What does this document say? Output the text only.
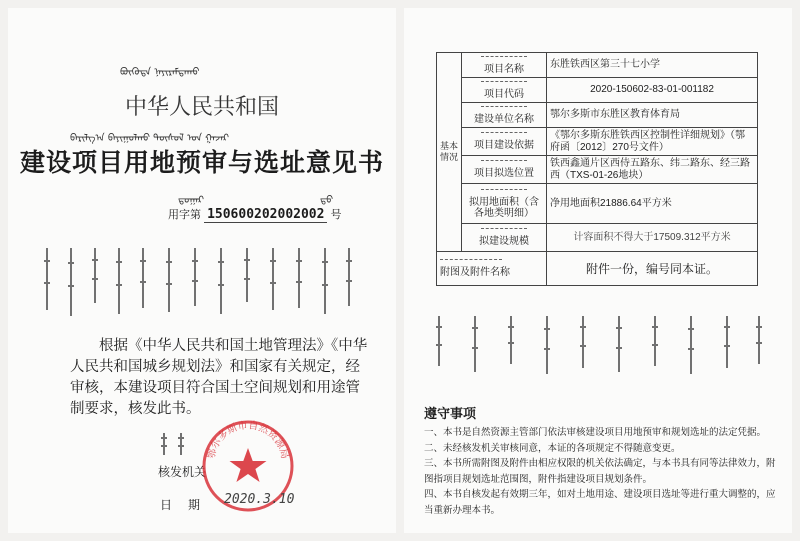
ᠪᠦᠭᠦᠳᠡ ᠨᠠᠶᠢᠷᠠᠮᠳᠠᠬᠤ
中华人民共和国
ᠪᠠᠷᠢᠯᠭ᠎ᠠ ᠪᠠᠶᠢᠭᠤᠯᠬᠤ ᠲᠥᠰᠥᠯ ᠤᠨ ᠭᠠᠵᠠᠷ
建设项目用地预审与选址意见书
ᠳ᠋ᠤᠭᠠᠷ	ᠳ᠋ᠤ
用字第 150600202002002 号
根据《中华人民共和国土地管理法》《中华人民共和国城乡规划法》和国家有关规定，经审核，本建设项目符合国土空间规划和用途管制要求，核发此书。
核发机关
日 期
鄂尔多斯市自然资源局
2020.3.10
基本情况	项目名称	东胜铁西区第三十七小学

项目代码	2020-150602-83-01-001182

建设单位名称	鄂尔多斯市东胜区教育体育局

项目建设依据	《鄂尔多斯东胜铁西区控制性详细规划》（鄂府函〔2012〕270号文件）

项目拟选位置	铁西鑫通片区西侍五路东、纬二路东、经三路西（TXS-01-26地块）

拟用地面积（含各地类明细）	净用地面积21886.64平方米

拟建设规模	计容面积不得大于17509.312平方米

附图及附件名称		附件一份，编号同本证。
遵守事项
一、本书是自然资源主管部门依法审核建设项目用地预审和规划选址的法定凭据。
二、未经核发机关审核同意，本证的各项规定不得随意变更。
三、本书所需附图及附件由相应权限的机关依法确定，与本书具有同等法律效力，附图指项目规划选址范围图，附件指建设项目规划条件。
四、本书自核发起有效期三年，如对土地用途、建设项目选址等进行重大调整的，应当重新办理本书。
